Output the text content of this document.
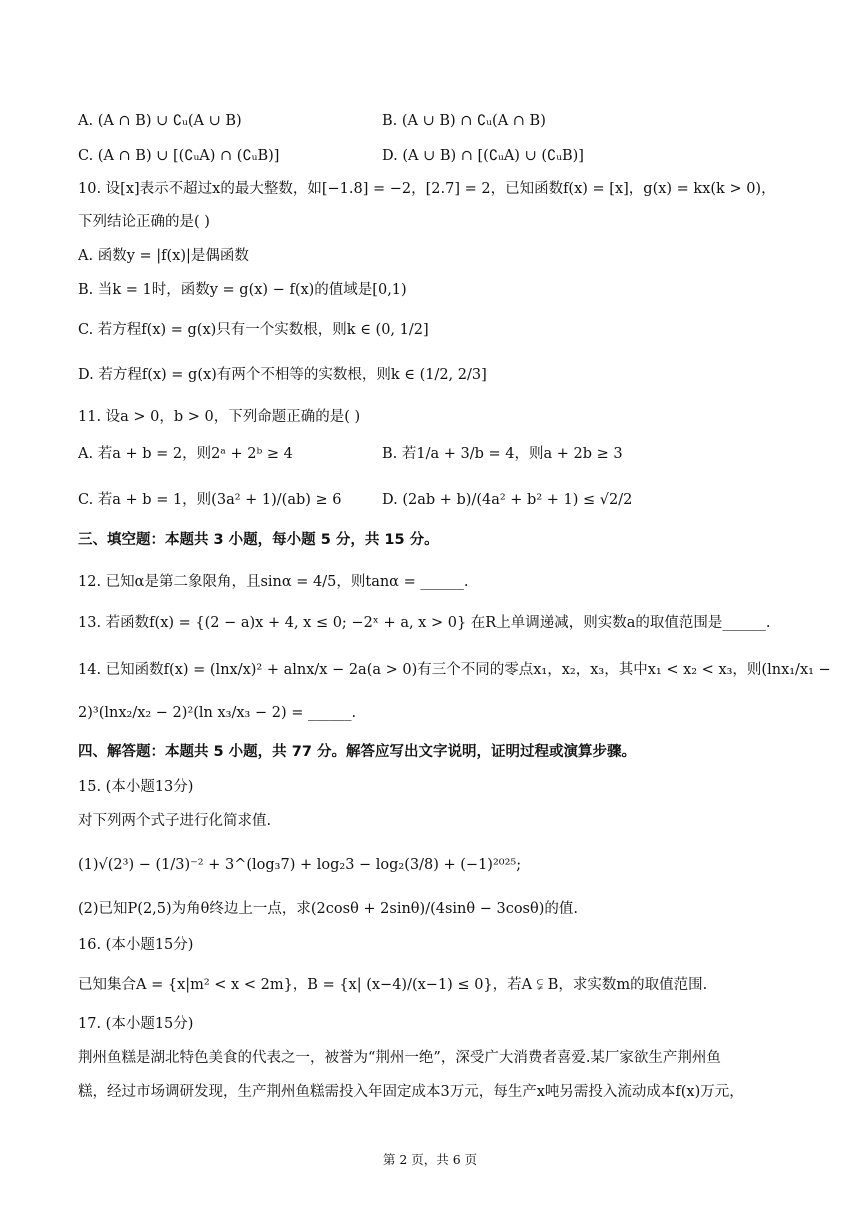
A. (A ∩ B) ∪ ∁ᵤ(A ∪ B)
C. (A ∩ B) ∪ [(∁ᵤA) ∩ (∁ᵤB)]
10. 设[x]表示不超过x的最大整数，如[−1.8] = −2，[2.7] = 2，已知函数f(x) = [x]，g(x) = kx(k > 0)，
下列结论正确的是( )
A. 函数y = |f(x)|是偶函数
B. 当k = 1时，函数y = g(x) − f(x)的值域是[0,1)
C. 若方程f(x) = g(x)只有一个实数根，则k ∈ (0, 1/2]
D. 若方程f(x) = g(x)有两个不相等的实数根，则k ∈ (1/2, 2/3]
11. 设a > 0，b > 0，下列命题正确的是( )
A. 若a + b = 2，则2ᵃ + 2ᵇ ≥ 4
C. 若a + b = 1，则(3a² + 1)/(ab) ≥ 6
三、填空题：本题共 3 小题，每小题 5 分，共 15 分。
12. 已知α是第二象限角，且sinα = 4/5，则tanα = ______.
13. 若函数f(x) = {(2 − a)x + 4, x ≤ 0; −2ˣ + a, x > 0} 在R上单调递减，则实数a的取值范围是______.
14. 已知函数f(x) = (lnx/x)² + alnx/x − 2a(a > 0)有三个不同的零点x₁，x₂，x₃，其中x₁ < x₂ < x₃，则(lnx₁/x₁ −
2)³(lnx₂/x₂ − 2)²(ln x₃/x₃ − 2) = ______.
四、解答题：本题共 5 小题，共 77 分。解答应写出文字说明，证明过程或演算步骤。
15. (本小题13分)
对下列两个式子进行化简求值.
(1)√(2³) − (1/3)⁻² + 3^(log₃7) + log₂3 − log₂(3/8) + (−1)²⁰²⁵;
(2)已知P(2,5)为角θ终边上一点，求(2cosθ + 2sinθ)/(4sinθ − 3cosθ)的值.
16. (本小题15分)
已知集合A = {x|m² < x < 2m}，B = {x| (x−4)/(x−1) ≤ 0}，若A ⫋ B，求实数m的取值范围.
17. (本小题15分)
荆州鱼糕是湖北特色美食的代表之一，被誉为“荆州一绝”，深受广大消费者喜爱.某厂家欲生产荆州鱼
糕，经过市场调研发现，生产荆州鱼糕需投入年固定成本3万元，每生产x吨另需投入流动成本f(x)万元，
B. (A ∪ B) ∩ ∁ᵤ(A ∩ B)
D. (A ∪ B) ∩ [(∁ᵤA) ∪ (∁ᵤB)]
B. 若1/a + 3/b = 4，则a + 2b ≥ 3
D. (2ab + b)/(4a² + b² + 1) ≤ √2/2
第 2 页，共 6 页
